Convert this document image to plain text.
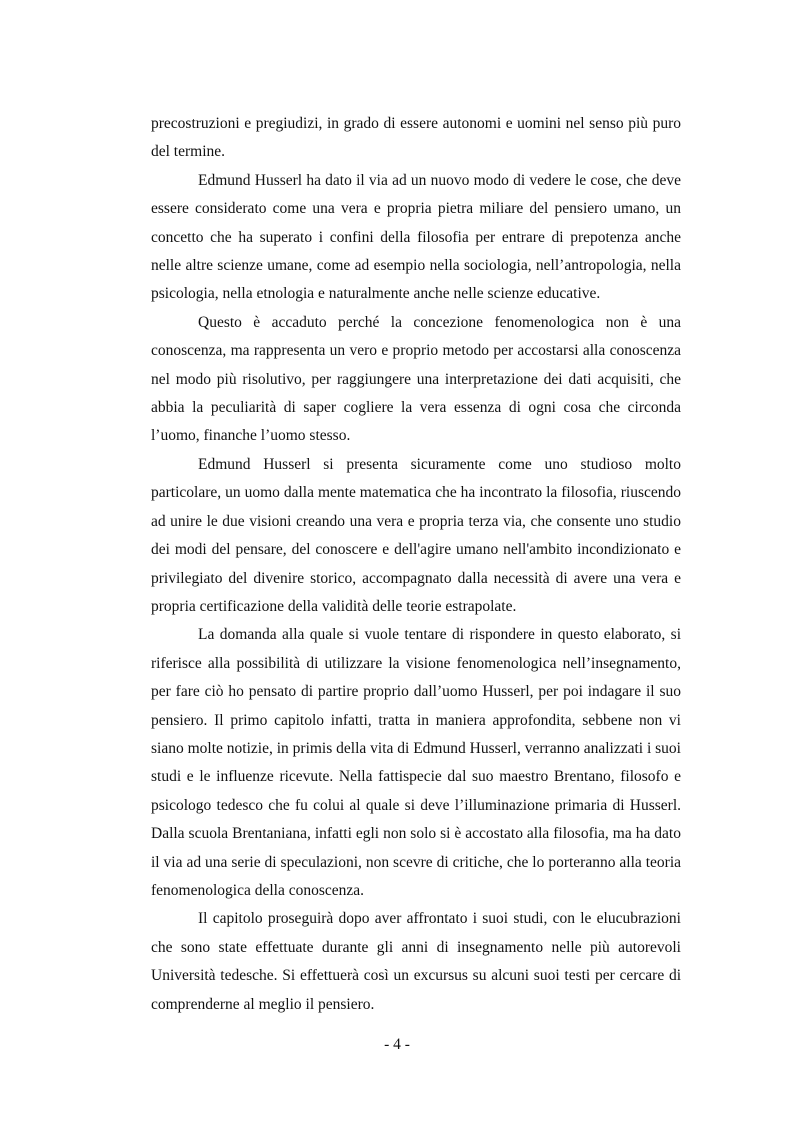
precostruzioni e pregiudizi, in grado di essere autonomi e uomini nel senso più puro del termine.

Edmund Husserl ha dato il via ad un nuovo modo di vedere le cose, che deve essere considerato come una vera e propria pietra miliare del pensiero umano, un concetto che ha superato i confini della filosofia per entrare di prepotenza anche nelle altre scienze umane, come ad esempio nella sociologia, nell’antropologia, nella psicologia, nella etnologia e naturalmente anche nelle scienze educative.

Questo è accaduto perché la concezione fenomenologica non è una conoscenza, ma rappresenta un vero e proprio metodo per accostarsi alla conoscenza nel modo più risolutivo, per raggiungere una interpretazione dei dati acquisiti, che abbia la peculiarità di saper cogliere la vera essenza di ogni cosa che circonda l’uomo, finanche l’uomo stesso.

Edmund Husserl si presenta sicuramente come uno studioso molto particolare, un uomo dalla mente matematica che ha incontrato la filosofia, riuscendo ad unire le due visioni creando una vera e propria terza via, che consente uno studio dei modi del pensare, del conoscere e dell'agire umano nell'ambito incondizionato e privilegiato del divenire storico, accompagnato dalla necessità di avere una vera e propria certificazione della validità delle teorie estrapolate.

La domanda alla quale si vuole tentare di rispondere in questo elaborato, si riferisce alla possibilità di utilizzare la visione fenomenologica nell’insegnamento, per fare ciò ho pensato di partire proprio dall’uomo Husserl, per poi indagare il suo pensiero. Il primo capitolo infatti, tratta in maniera approfondita, sebbene non vi siano molte notizie, in primis della vita di Edmund Husserl, verranno analizzati i suoi studi e le influenze ricevute. Nella fattispecie dal suo maestro Brentano, filosofo e psicologo tedesco che fu colui al quale si deve l’illuminazione primaria di Husserl. Dalla scuola Brentaniana, infatti egli non solo si è accostato alla filosofia, ma ha dato il via ad una serie di speculazioni, non scevre di critiche, che lo porteranno alla teoria fenomenologica della conoscenza.

Il capitolo proseguirà dopo aver affrontato i suoi studi, con le elucubrazioni che sono state effettuate durante gli anni di insegnamento nelle più autorevoli Università tedesche. Si effettuerà così un excursus su alcuni suoi testi per cercare di comprenderne al meglio il pensiero.

- 4 -
